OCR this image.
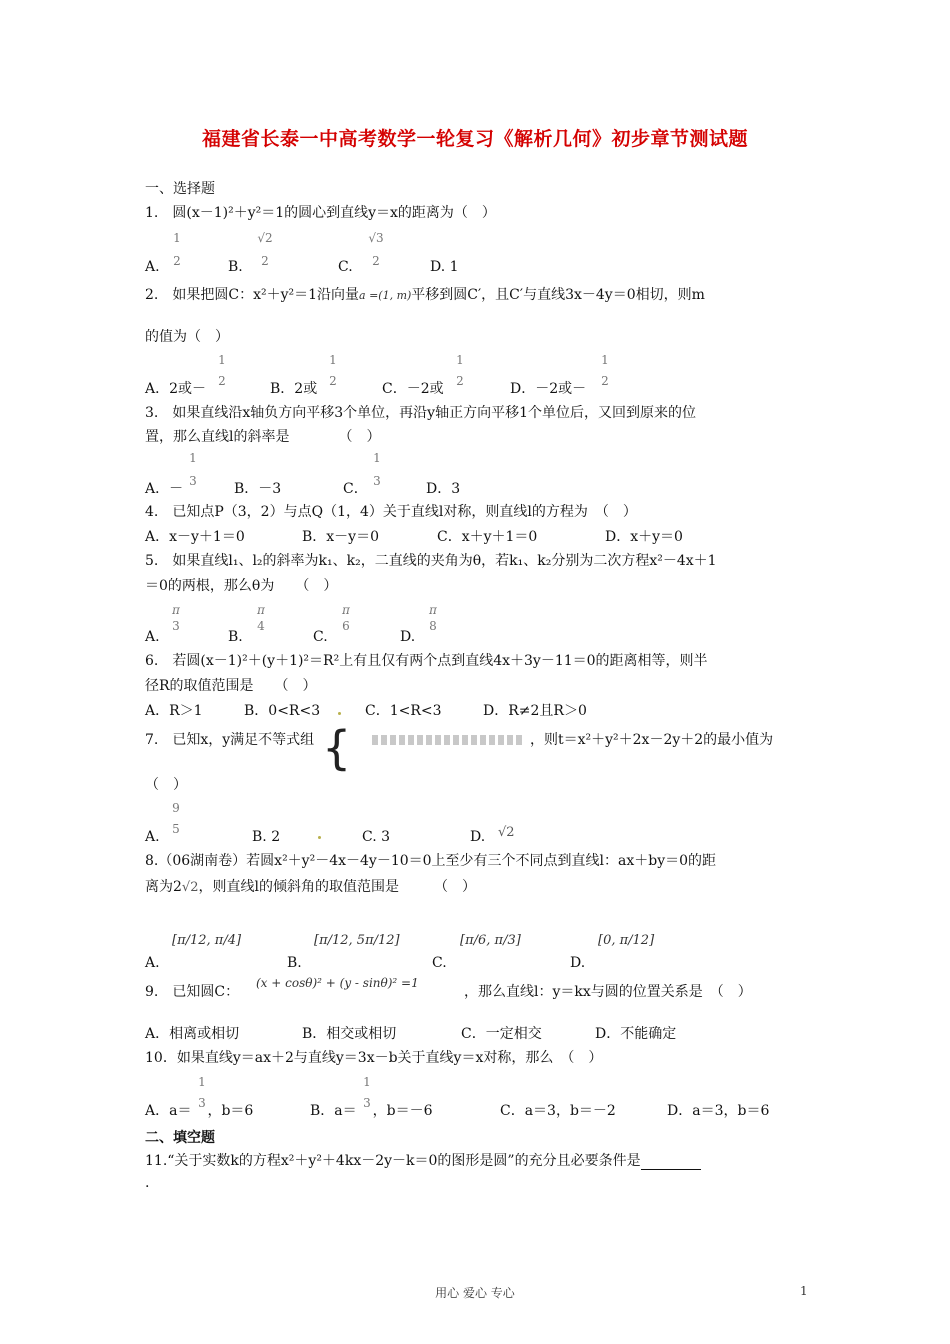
福建省长泰一中高考数学一轮复习《解析几何》初步章节测试题
一、选择题
1.　圆(x－1)²＋y²＝1的圆心到直线y＝x的距离为（　）
A.
1
2	B.
√2
2	C.
√3
2	D. 1
2.　如果把圆C：x²＋y²＝1沿向量a =(1, m)平移到圆C′，且C′与直线3x－4y＝0相切，则m
的值为（　）
A．2或－
1
2	B．2或
1
2	C．－2或
1
2	D．－2或－
1
2
3.　如果直线沿x轴负方向平移3个单位，再沿y轴正方向平移1个单位后，又回到原来的位
置，那么直线l的斜率是　　　　（　）
A．－
1
3	B．－3	C．
1
3	D．3
4.　已知点P（3，2）与点Q（1，4）关于直线l对称，则直线l的方程为　（　）
A．x－y＋1＝0	B．x－y＝0	C．x＋y＋1＝0	D．x＋y＝0
5.　如果直线l₁、l₂的斜率为k₁、k₂，二直线的夹角为θ，若k₁、k₂分别为二次方程x²－4x＋1
＝0的两根，那么θ为　　（　）
A.
π
3
B.
π
4
C.
π
6
D.
π
8
6.　若圆(x－1)²＋(y＋1)²＝R²上有且仅有两个点到直线4x＋3y－11＝0的距离相等，则半
径R的取值范围是　　（　）
A．R＞1	B．0<R<3	C．1<R<3	D．R≠2且R＞0
7.　已知x，y满足不等式组 {	，则t＝x²＋y²＋2x－2y＋2的最小值为
（　）
A.
9
5	B. 2	C. 3	D. √2
8.（06湖南卷）若圆x²＋y²－4x－4y－10＝0上至少有三个不同点到直线l：ax＋by＝0的距
离为2√2，则直线l的倾斜角的取值范围是　　　（　）
A.
[π/12, π/4]
B.
[π/12, 5π/12]
C.
[π/6, π/3]
D.
[0, π/12]
9.　已知圆C：
(x + cosθ)² + (y - sinθ)² =1
，那么直线l：y＝kx与圆的位置关系是　（　）
A．相离或相切	B．相交或相切	C．一定相交	D．不能确定
10．如果直线y＝ax＋2与直线y＝3x－b关于直线y＝x对称，那么　（　）
A．a＝ ，b＝6
1
3	B．a＝ ，b＝－6
1
3	C．a＝3，b＝－2	D．a＝3，b＝6
二、填空题
11.“关于实数k的方程x²＋y²＋4kx－2y－k＝0的图形是圆”的充分且必要条件是
.
用心 爱心 专心	1
